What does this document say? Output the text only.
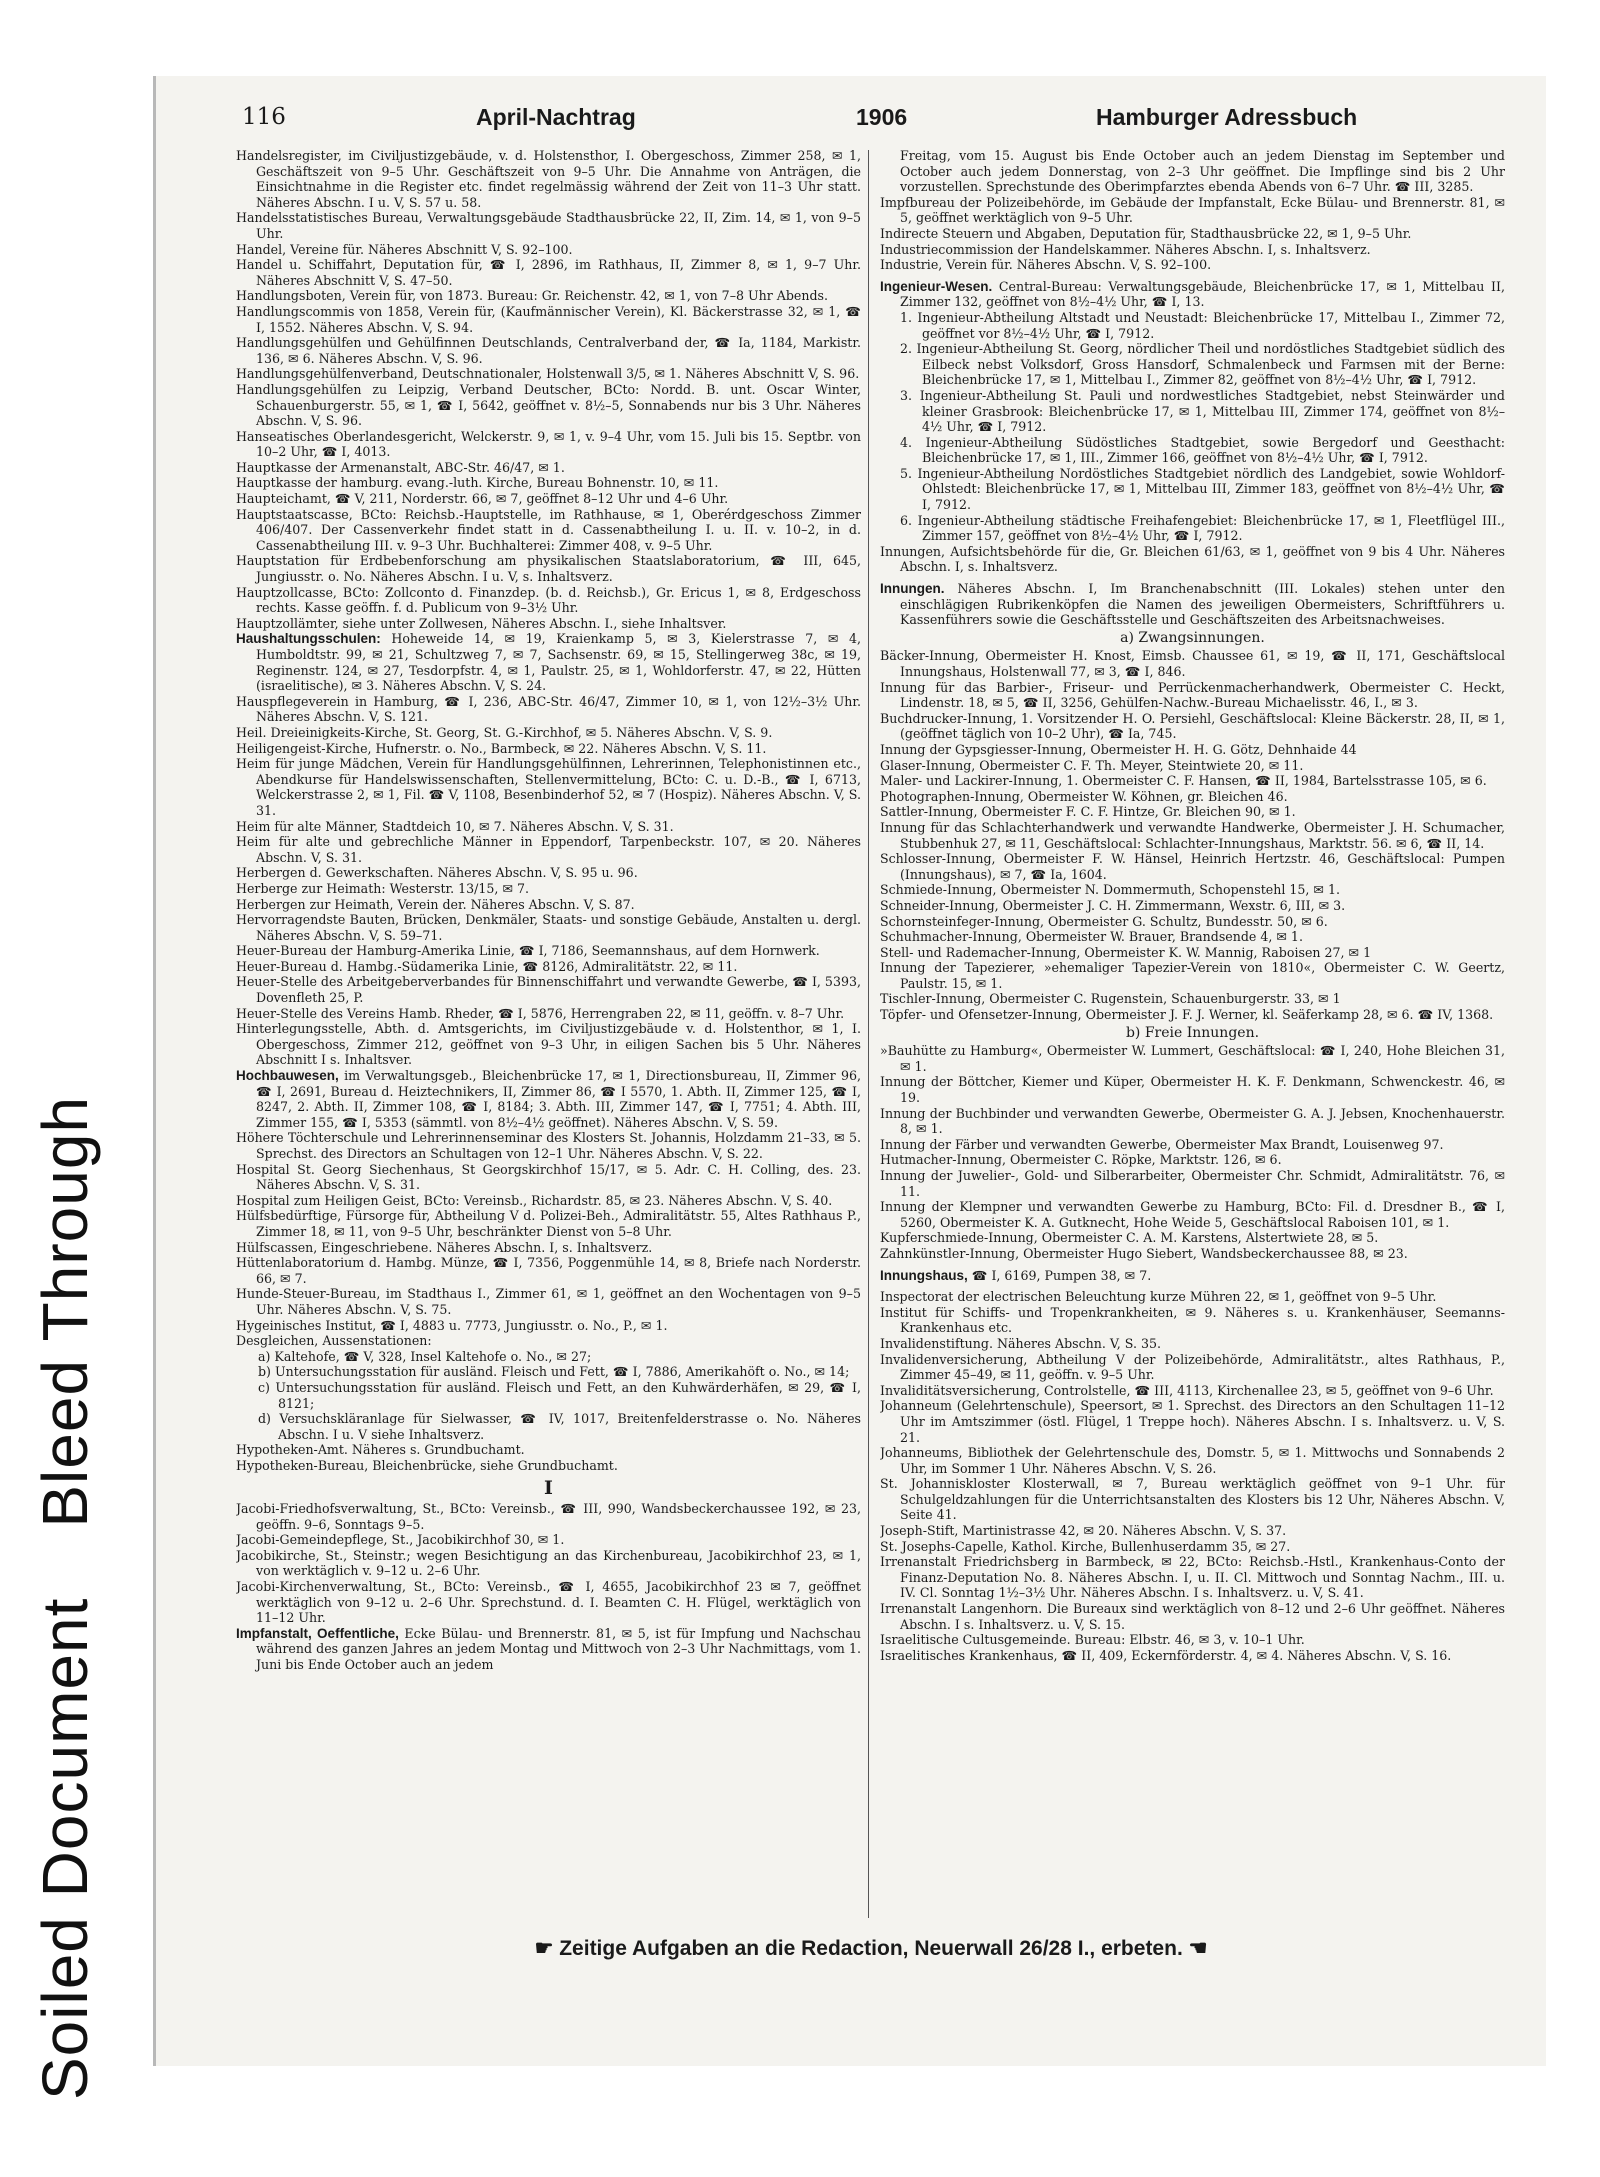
Soiled DocumentBleed Through
116	April-Nachtrag	1906	Hamburger Adressbuch

Handelsregister, im Civiljustizgebäude, v. d. Holstensthor, I. Obergeschoss, Zimmer 258, ✉ 1, Geschäftszeit von 9–5 Uhr. Geschäftszeit von 9–5 Uhr. Die Annahme von Anträgen, die Einsichtnahme in die Register etc. findet regelmässig während der Zeit von 11–3 Uhr statt. Näheres Abschn. I u. V, S. 57 u. 58.

Handelsstatistisches Bureau, Verwaltungsgebäude Stadthausbrücke 22, II, Zim. 14, ✉ 1, von 9–5 Uhr.

Handel, Vereine für. Näheres Abschnitt V, S. 92–100.

Handel u. Schiffahrt, Deputation für, ☎ I, 2896, im Rathhaus, II, Zimmer 8, ✉ 1, 9–7 Uhr. Näheres Abschnitt V, S. 47–50.

Handlungsboten, Verein für, von 1873. Bureau: Gr. Reichenstr. 42, ✉ 1, von 7–8 Uhr Abends.

Handlungscommis von 1858, Verein für, (Kaufmännischer Verein), Kl. Bäckerstrasse 32, ✉ 1, ☎ I, 1552. Näheres Abschn. V, S. 94.

Handlungsgehülfen und Gehülfinnen Deutschlands, Centralverband der, ☎ Ia, 1184, Markistr. 136, ✉ 6. Näheres Abschn. V, S. 96.

Handlungsgehülfenverband, Deutschnationaler, Holstenwall 3/5, ✉ 1. Näheres Abschnitt V, S. 96.

Handlungsgehülfen zu Leipzig, Verband Deutscher, BCto: Nordd. B. unt. Oscar Winter, Schauenburgerstr. 55, ✉ 1, ☎ I, 5642, geöffnet v. 8½–5, Sonnabends nur bis 3 Uhr. Näheres Abschn. V, S. 96.

Hanseatisches Oberlandesgericht, Welckerstr. 9, ✉ 1, v. 9–4 Uhr, vom 15. Juli bis 15. Septbr. von 10–2 Uhr, ☎ I, 4013.

Hauptkasse der Armenanstalt, ABC-Str. 46/47, ✉ 1.

Hauptkasse der hamburg. evang.-luth. Kirche, Bureau Bohnenstr. 10, ✉ 11.

Haupteichamt, ☎ V, 211, Norderstr. 66, ✉ 7, geöffnet 8–12 Uhr und 4–6 Uhr.

Hauptstaatscasse, BCto: Reichsb.-Hauptstelle, im Rathhause, ✉ 1, Oberérdgeschoss Zimmer 406/407. Der Cassenverkehr findet statt in d. Cassenabtheilung I. u. II. v. 10–2, in d. Cassenabtheilung III. v. 9–3 Uhr. Buchhalterei: Zimmer 408, v. 9–5 Uhr.

Hauptstation für Erdbebenforschung am physikalischen Staatslaboratorium, ☎ III, 645, Jungiusstr. o. No. Näheres Abschn. I u. V, s. Inhaltsverz.

Hauptzollcasse, BCto: Zollconto d. Finanzdep. (b. d. Reichsb.), Gr. Ericus 1, ✉ 8, Erdgeschoss rechts. Kasse geöffn. f. d. Publicum von 9–3½ Uhr.

Hauptzollämter, siehe unter Zollwesen, Näheres Abschn. I., siehe Inhaltsver.

Haushaltungsschulen: Hoheweide 14, ✉ 19, Kraienkamp 5, ✉ 3, Kielerstrasse 7, ✉ 4, Humboldtstr. 99, ✉ 21, Schultzweg 7, ✉ 7, Sachsenstr. 69, ✉ 15, Stellingerweg 38c, ✉ 19, Reginenstr. 124, ✉ 27, Tesdorpfstr. 4, ✉ 1, Paulstr. 25, ✉ 1, Wohldorferstr. 47, ✉ 22, Hütten (israelitische), ✉ 3. Näheres Abschn. V, S. 24.

Hauspflegeverein in Hamburg, ☎ I, 236, ABC-Str. 46/47, Zimmer 10, ✉ 1, von 12½–3½ Uhr. Näheres Abschn. V, S. 121.

Heil. Dreieinigkeits-Kirche, St. Georg, St. G.-Kirchhof, ✉ 5. Näheres Abschn. V, S. 9.

Heiligengeist-Kirche, Hufnerstr. o. No., Barmbeck, ✉ 22. Näheres Abschn. V, S. 11.

Heim für junge Mädchen, Verein für Handlungsgehülfinnen, Lehrerinnen, Telephonistinnen etc., Abendkurse für Handelswissenschaften, Stellenvermittelung, BCto: C. u. D.-B., ☎ I, 6713, Welckerstrasse 2, ✉ 1, Fil. ☎ V, 1108, Besenbinderhof 52, ✉ 7 (Hospiz). Näheres Abschn. V, S. 31.

Heim für alte Männer, Stadtdeich 10, ✉ 7. Näheres Abschn. V, S. 31.

Heim für alte und gebrechliche Männer in Eppendorf, Tarpenbeckstr. 107, ✉ 20. Näheres Abschn. V, S. 31.

Herbergen d. Gewerkschaften. Näheres Abschn. V, S. 95 u. 96.

Herberge zur Heimath: Westerstr. 13/15, ✉ 7.

Herbergen zur Heimath, Verein der. Näheres Abschn. V, S. 87.

Hervorragendste Bauten, Brücken, Denkmäler, Staats- und sonstige Gebäude, Anstalten u. dergl. Näheres Abschn. V, S. 59–71.

Heuer-Bureau der Hamburg-Amerika Linie, ☎ I, 7186, Seemannshaus, auf dem Hornwerk.

Heuer-Bureau d. Hambg.-Südamerika Linie, ☎ 8126, Admiralitätstr. 22, ✉ 11.

Heuer-Stelle des Arbeitgeberverbandes für Binnenschiffahrt und verwandte Gewerbe, ☎ I, 5393, Dovenfleth 25, P.

Heuer-Stelle des Vereins Hamb. Rheder, ☎ I, 5876, Herrengraben 22, ✉ 11, geöffn. v. 8–7 Uhr.

Hinterlegungsstelle, Abth. d. Amtsgerichts, im Civiljustizgebäude v. d. Holstenthor, ✉ 1, I. Obergeschoss, Zimmer 212, geöffnet von 9–3 Uhr, in eiligen Sachen bis 5 Uhr. Näheres Abschnitt I s. Inhaltsver.

Hochbauwesen, im Verwaltungsgeb., Bleichenbrücke 17, ✉ 1, Directionsbureau, II, Zimmer 96, ☎ I, 2691, Bureau d. Heiztechnikers, II, Zimmer 86, ☎ I 5570, 1. Abth. II, Zimmer 125, ☎ I, 8247, 2. Abth. II, Zimmer 108, ☎ I, 8184; 3. Abth. III, Zimmer 147, ☎ I, 7751; 4. Abth. III, Zimmer 155, ☎ I, 5353 (sämmtl. von 8½–4½ geöffnet). Näheres Abschn. V, S. 59.

Höhere Töchterschule und Lehrerinnenseminar des Klosters St. Johannis, Holzdamm 21–33, ✉ 5. Sprechst. des Directors an Schultagen von 12–1 Uhr. Näheres Abschn. V, S. 22.

Hospital St. Georg Siechenhaus, St Georgskirchhof 15/17, ✉ 5. Adr. C. H. Colling, des. 23. Näheres Abschn. V, S. 31.

Hospital zum Heiligen Geist, BCto: Vereinsb., Richardstr. 85, ✉ 23. Näheres Abschn. V, S. 40.

Hülfsbedürftige, Fürsorge für, Abtheilung V d. Polizei-Beh., Admiralitätstr. 55, Altes Rathhaus P., Zimmer 18, ✉ 11, von 9–5 Uhr, beschränkter Dienst von 5–8 Uhr.

Hülfscassen, Eingeschriebene. Näheres Abschn. I, s. Inhaltsverz.

Hüttenlaboratorium d. Hambg. Münze, ☎ I, 7356, Poggenmühle 14, ✉ 8, Briefe nach Norderstr. 66, ✉ 7.

Hunde-Steuer-Bureau, im Stadthaus I., Zimmer 61, ✉ 1, geöffnet an den Wochentagen von 9–5 Uhr. Näheres Abschn. V, S. 75.

Hygeinisches Institut, ☎ I, 4883 u. 7773, Jungiusstr. o. No., P., ✉ 1.

Desgleichen, Aussenstationen:

a) Kaltehofe, ☎ V, 328, Insel Kaltehofe o. No., ✉ 27;

b) Untersuchungsstation für ausländ. Fleisch und Fett, ☎ I, 7886, Amerikahöft o. No., ✉ 14;

c) Untersuchungsstation für ausländ. Fleisch und Fett, an den Kuhwärderhäfen, ✉ 29, ☎ I, 8121;

d) Versuchskläranlage für Sielwasser, ☎ IV, 1017, Breitenfelderstrasse o. No. Näheres Abschn. I u. V siehe Inhaltsverz.

Hypotheken-Amt. Näheres s. Grundbuchamt.

Hypotheken-Bureau, Bleichenbrücke, siehe Grundbuchamt.

I

Jacobi-Friedhofsverwaltung, St., BCto: Vereinsb., ☎ III, 990, Wandsbeckerchaussee 192, ✉ 23, geöffn. 9–6, Sonntags 9–5.

Jacobi-Gemeindepflege, St., Jacobikirchhof 30, ✉ 1.

Jacobikirche, St., Steinstr.; wegen Besichtigung an das Kirchenbureau, Jacobikirchhof 23, ✉ 1, von werktäglich v. 9–12 u. 2–6 Uhr.

Jacobi-Kirchenverwaltung, St., BCto: Vereinsb., ☎ I, 4655, Jacobikirchhof 23 ✉ 7, geöffnet werktäglich von 9–12 u. 2–6 Uhr. Sprechstund. d. I. Beamten C. H. Flügel, werktäglich von 11–12 Uhr.

Impfanstalt, Oeffentliche, Ecke Bülau- und Brennerstr. 81, ✉ 5, ist für Impfung und Nachschau während des ganzen Jahres an jedem Montag und Mittwoch von 2–3 Uhr Nachmittags, vom 1. Juni bis Ende October auch an jedem

Freitag, vom 15. August bis Ende October auch an jedem Dienstag im September und October auch jedem Donnerstag, von 2–3 Uhr geöffnet. Die Impflinge sind bis 2 Uhr vorzustellen. Sprechstunde des Oberimpfarztes ebenda Abends von 6–7 Uhr. ☎ III, 3285.

Impfbureau der Polizeibehörde, im Gebäude der Impfanstalt, Ecke Bülau- und Brennerstr. 81, ✉ 5, geöffnet werktäglich von 9–5 Uhr.

Indirecte Steuern und Abgaben, Deputation für, Stadthausbrücke 22, ✉ 1, 9–5 Uhr.

Industriecommission der Handelskammer. Näheres Abschn. I, s. Inhaltsverz.

Industrie, Verein für. Näheres Abschn. V, S. 92–100.

Ingenieur-Wesen. Central-Bureau: Verwaltungsgebäude, Bleichenbrücke 17, ✉ 1, Mittelbau II, Zimmer 132, geöffnet von 8½–4½ Uhr, ☎ I, 13.

1. Ingenieur-Abtheilung Altstadt und Neustadt: Bleichenbrücke 17, Mittelbau I., Zimmer 72, geöffnet vor 8½–4½ Uhr, ☎ I, 7912.

2. Ingenieur-Abtheilung St. Georg, nördlicher Theil und nordöstliches Stadtgebiet südlich des Eilbeck nebst Volksdorf, Gross Hansdorf, Schmalenbeck und Farmsen mit der Berne: Bleichenbrücke 17, ✉ 1, Mittelbau I., Zimmer 82, geöffnet von 8½–4½ Uhr, ☎ I, 7912.

3. Ingenieur-Abtheilung St. Pauli und nordwestliches Stadtgebiet, nebst Steinwärder und kleiner Grasbrook: Bleichenbrücke 17, ✉ 1, Mittelbau III, Zimmer 174, geöffnet von 8½–4½ Uhr, ☎ I, 7912.

4. Ingenieur-Abtheilung Südöstliches Stadtgebiet, sowie Bergedorf und Geesthacht: Bleichenbrücke 17, ✉ 1, III., Zimmer 166, geöffnet von 8½–4½ Uhr, ☎ I, 7912.

5. Ingenieur-Abtheilung Nordöstliches Stadtgebiet nördlich des Landgebiet, sowie Wohldorf-Ohlstedt: Bleichenbrücke 17, ✉ 1, Mittelbau III, Zimmer 183, geöffnet von 8½–4½ Uhr, ☎ I, 7912.

6. Ingenieur-Abtheilung städtische Freihafengebiet: Bleichenbrücke 17, ✉ 1, Fleetflügel III., Zimmer 157, geöffnet von 8½–4½ Uhr, ☎ I, 7912.

Innungen, Aufsichtsbehörde für die, Gr. Bleichen 61/63, ✉ 1, geöffnet von 9 bis 4 Uhr. Näheres Abschn. I, s. Inhaltsverz.

Innungen. Näheres Abschn. I, Im Branchenabschnitt (III. Lokales) stehen unter den einschlägigen Rubrikenköpfen die Namen des jeweiligen Obermeisters, Schriftführers u. Kassenführers sowie die Geschäftsstelle und Geschäftszeiten des Arbeitsnachweises.

a) Zwangsinnungen.

Bäcker-Innung, Obermeister H. Knost, Eimsb. Chaussee 61, ✉ 19, ☎ II, 171, Geschäftslocal Innungshaus, Holstenwall 77, ✉ 3, ☎ I, 846.

Innung für das Barbier-, Friseur- und Perrückenmacherhandwerk, Obermeister C. Heckt, Lindenstr. 18, ✉ 5, ☎ II, 3256, Gehülfen-Nachw.-Bureau Michaelisstr. 46, I., ✉ 3.

Buchdrucker-Innung, 1. Vorsitzender H. O. Persiehl, Geschäftslocal: Kleine Bäckerstr. 28, II, ✉ 1, (geöffnet täglich von 10–2 Uhr), ☎ Ia, 745.

Innung der Gypsgiesser-Innung, Obermeister H. H. G. Götz, Dehnhaide 44

Glaser-Innung, Obermeister C. F. Th. Meyer, Steintwiete 20, ✉ 11.

Maler- und Lackirer-Innung, 1. Obermeister C. F. Hansen, ☎ II, 1984, Bartelsstrasse 105, ✉ 6.

Photographen-Innung, Obermeister W. Köhnen, gr. Bleichen 46.

Sattler-Innung, Obermeister F. C. F. Hintze, Gr. Bleichen 90, ✉ 1.

Innung für das Schlachterhandwerk und verwandte Handwerke, Obermeister J. H. Schumacher, Stubbenhuk 27, ✉ 11, Geschäftslocal: Schlachter-Innungshaus, Marktstr. 56. ✉ 6, ☎ II, 14.

Schlosser-Innung, Obermeister F. W. Hänsel, Heinrich Hertzstr. 46, Geschäftslocal: Pumpen (Innungshaus), ✉ 7, ☎ Ia, 1604.

Schmiede-Innung, Obermeister N. Dommermuth, Schopenstehl 15, ✉ 1.

Schneider-Innung, Obermeister J. C. H. Zimmermann, Wexstr. 6, III, ✉ 3.

Schornsteinfeger-Innung, Obermeister G. Schultz, Bundesstr. 50, ✉ 6.

Schuhmacher-Innung, Obermeister W. Brauer, Brandsende 4, ✉ 1.

Stell- und Rademacher-Innung, Obermeister K. W. Mannig, Raboisen 27, ✉ 1

Innung der Tapezierer, »ehemaliger Tapezier-Verein von 1810«, Obermeister C. W. Geertz, Paulstr. 15, ✉ 1.

Tischler-Innung, Obermeister C. Rugenstein, Schauenburgerstr. 33, ✉ 1

Töpfer- und Ofensetzer-Innung, Obermeister J. F. J. Werner, kl. Seäferkamp 28, ✉ 6. ☎ IV, 1368.

b) Freie Innungen.

»Bauhütte zu Hamburg«, Obermeister W. Lummert, Geschäftslocal: ☎ I, 240, Hohe Bleichen 31, ✉ 1.

Innung der Böttcher, Kiemer und Küper, Obermeister H. K. F. Denkmann, Schwenckestr. 46, ✉ 19.

Innung der Buchbinder und verwandten Gewerbe, Obermeister G. A. J. Jebsen, Knochenhauerstr. 8, ✉ 1.

Innung der Färber und verwandten Gewerbe, Obermeister Max Brandt, Louisenweg 97.

Hutmacher-Innung, Obermeister C. Röpke, Marktstr. 126, ✉ 6.

Innung der Juwelier-, Gold- und Silberarbeiter, Obermeister Chr. Schmidt, Admiralitätstr. 76, ✉ 11.

Innung der Klempner und verwandten Gewerbe zu Hamburg, BCto: Fil. d. Dresdner B., ☎ I, 5260, Obermeister K. A. Gutknecht, Hohe Weide 5, Geschäftslocal Raboisen 101, ✉ 1.

Kupferschmiede-Innung, Obermeister C. A. M. Karstens, Alstertwiete 28, ✉ 5.

Zahnkünstler-Innung, Obermeister Hugo Siebert, Wandsbeckerchaussee 88, ✉ 23.

Innungshaus, ☎ I, 6169, Pumpen 38, ✉ 7.

Inspectorat der electrischen Beleuchtung kurze Mühren 22, ✉ 1, geöffnet von 9–5 Uhr.

Institut für Schiffs- und Tropenkrankheiten, ✉ 9. Näheres s. u. Krankenhäuser, Seemanns-Krankenhaus etc.

Invalidenstiftung. Näheres Abschn. V, S. 35.

Invalidenversicherung, Abtheilung V der Polizeibehörde, Admiralitätstr., altes Rathhaus, P., Zimmer 45–49, ✉ 11, geöffn. v. 9–5 Uhr.

Invaliditätsversicherung, Controlstelle, ☎ III, 4113, Kirchenallee 23, ✉ 5, geöffnet von 9–6 Uhr.

Johanneum (Gelehrtenschule), Speersort, ✉ 1. Sprechst. des Directors an den Schultagen 11–12 Uhr im Amtszimmer (östl. Flügel, 1 Treppe hoch). Näheres Abschn. I s. Inhaltsverz. u. V, S. 21.

Johanneums, Bibliothek der Gelehrtenschule des, Domstr. 5, ✉ 1. Mittwochs und Sonnabends 2 Uhr, im Sommer 1 Uhr. Näheres Abschn. V, S. 26.

St. Johanniskloster Klosterwall, ✉ 7, Bureau werktäglich geöffnet von 9–1 Uhr. für Schulgeldzahlungen für die Unterrichtsanstalten des Klosters bis 12 Uhr, Näheres Abschn. V, Seite 41.

Joseph-Stift, Martinistrasse 42, ✉ 20. Näheres Abschn. V, S. 37.

St. Josephs-Capelle, Kathol. Kirche, Bullenhuserdamm 35, ✉ 27.

Irrenanstalt Friedrichsberg in Barmbeck, ✉ 22, BCto: Reichsb.-Hstl., Krankenhaus-Conto der Finanz-Deputation No. 8. Näheres Abschn. I, u. II. Cl. Mittwoch und Sonntag Nachm., III. u. IV. Cl. Sonntag 1½–3½ Uhr. Näheres Abschn. I s. Inhaltsverz. u. V, S. 41.

Irrenanstalt Langenhorn. Die Bureaux sind werktäglich von 8–12 und 2–6 Uhr geöffnet. Näheres Abschn. I s. Inhaltsverz. u. V, S. 15.

Israelitische Cultusgemeinde. Bureau: Elbstr. 46, ✉ 3, v. 10–1 Uhr.

Israelitisches Krankenhaus, ☎ II, 409, Eckernförderstr. 4, ✉ 4. Näheres Abschn. V, S. 16.

☛ Zeitige Aufgaben an die Redaction, Neuerwall 26/28 I., erbeten. ☚
